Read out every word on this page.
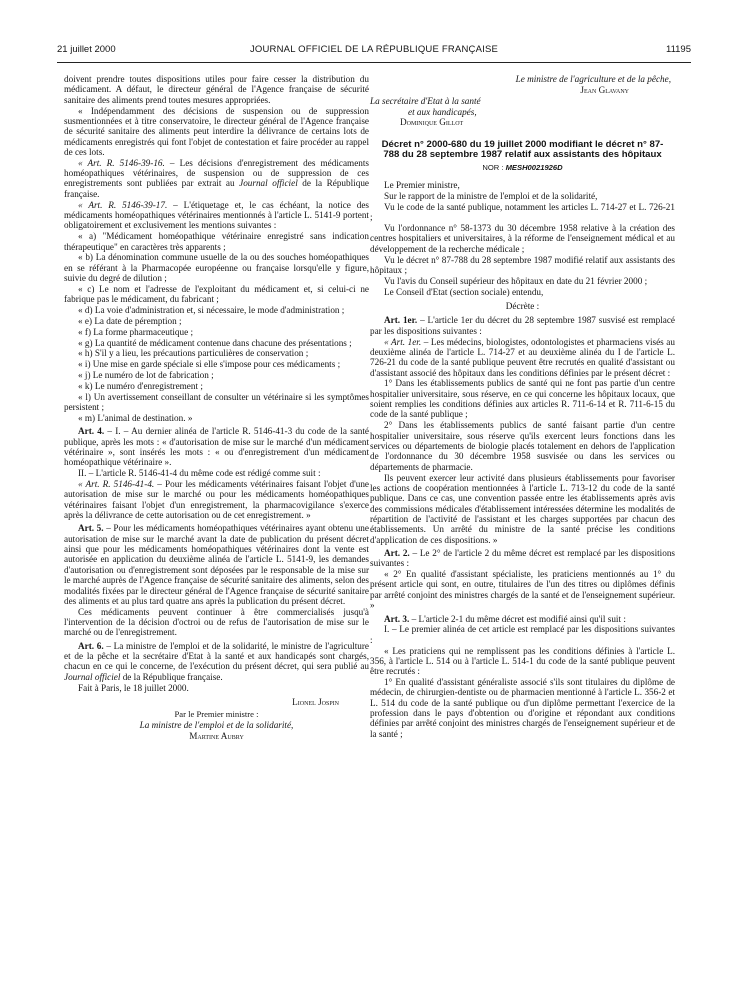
21 juillet 2000	JOURNAL OFFICIEL DE LA RÉPUBLIQUE FRANÇAISE	11195

doivent prendre toutes dispositions utiles pour faire cesser la distribution du médicament. A défaut, le directeur général de l'Agence française de sécurité sanitaire des aliments prend toutes mesures appropriées.

« Indépendamment des décisions de suspension ou de suppression susmentionnées et à titre conservatoire, le directeur général de l'Agence française de sécurité sanitaire des aliments peut interdire la délivrance de certains lots de médicaments enregistrés qui font l'objet de contestation et faire procéder au rappel de ces lots.

« Art. R. 5146-39-16. – Les décisions d'enregistrement des médicaments homéopathiques vétérinaires, de suspension ou de suppression de ces enregistrements sont publiées par extrait au Journal officiel de la République française.

« Art. R. 5146-39-17. – L'étiquetage et, le cas échéant, la notice des médicaments homéopathiques vétérinaires mentionnés à l'article L. 5141-9 portent obligatoirement et exclusivement les mentions suivantes :

« a) "Médicament homéopathique vétérinaire enregistré sans indication thérapeutique" en caractères très apparents ;

« b) La dénomination commune usuelle de la ou des souches homéopathiques en se référant à la Pharmacopée européenne ou française lorsqu'elle y figure, suivie du degré de dilution ;

« c) Le nom et l'adresse de l'exploitant du médicament et, si celui-ci ne fabrique pas le médicament, du fabricant ;

« d) La voie d'administration et, si nécessaire, le mode d'administration ;

« e) La date de péremption ;

« f) La forme pharmaceutique ;

« g) La quantité de médicament contenue dans chacune des présentations ;

« h) S'il y a lieu, les précautions particulières de conservation ;

« i) Une mise en garde spéciale si elle s'impose pour ces médicaments ;

« j) Le numéro de lot de fabrication ;

« k) Le numéro d'enregistrement ;

« l) Un avertissement conseillant de consulter un vétérinaire si les symptômes persistent ;

« m) L'animal de destination. »

Art. 4. – I. – Au dernier alinéa de l'article R. 5146-41-3 du code de la santé publique, après les mots : « d'autorisation de mise sur le marché d'un médicament vétérinaire », sont insérés les mots : « ou d'enregistrement d'un médicament homéopathique vétérinaire ».

II. – L'article R. 5146-41-4 du même code est rédigé comme suit :

« Art. R. 5146-41-4. – Pour les médicaments vétérinaires faisant l'objet d'une autorisation de mise sur le marché ou pour les médicaments homéopathiques vétérinaires faisant l'objet d'un enregistrement, la pharmacovigilance s'exerce après la délivrance de cette autorisation ou de cet enregistrement. »

Art. 5. – Pour les médicaments homéopathiques vétérinaires ayant obtenu une autorisation de mise sur le marché avant la date de publication du présent décret ainsi que pour les médicaments homéopathiques vétérinaires dont la vente est autorisée en application du deuxième alinéa de l'article L. 5141-9, les demandes d'autorisation ou d'enregistrement sont déposées par le responsable de la mise sur le marché auprès de l'Agence française de sécurité sanitaire des aliments, selon des modalités fixées par le directeur général de l'Agence française de sécurité sanitaire des aliments et au plus tard quatre ans après la publication du présent décret.

Ces médicaments peuvent continuer à être commercialisés jusqu'à l'intervention de la décision d'octroi ou de refus de l'autorisation de mise sur le marché ou de l'enregistrement.

Art. 6. – La ministre de l'emploi et de la solidarité, le ministre de l'agriculture et de la pêche et la secrétaire d'Etat à la santé et aux handicapés sont chargés, chacun en ce qui le concerne, de l'exécution du présent décret, qui sera publié au Journal officiel de la République française.

Fait à Paris, le 18 juillet 2000.

Lionel Jospin

Par le Premier ministre :

La ministre de l'emploi et de la solidarité,

Martine Aubry

Le ministre de l'agriculture et de la pêche,

Jean Glavany

La secrétaire d'Etat à la santé

et aux handicapés,

Dominique Gillot

Décret n° 2000-680 du 19 juillet 2000 modifiant le décret n° 87-788 du 28 septembre 1987 relatif aux assistants des hôpitaux
NOR : MESH0021926D

Le Premier ministre,

Sur le rapport de la ministre de l'emploi et de la solidarité,

Vu le code de la santé publique, notamment les articles L. 714-27 et L. 726-21 ;

Vu l'ordonnance n° 58-1373 du 30 décembre 1958 relative à la création des centres hospitaliers et universitaires, à la réforme de l'enseignement médical et au développement de la recherche médicale ;

Vu le décret n° 87-788 du 28 septembre 1987 modifié relatif aux assistants des hôpitaux ;

Vu l'avis du Conseil supérieur des hôpitaux en date du 21 février 2000 ;

Le Conseil d'Etat (section sociale) entendu,

Décrète :

Art. 1er. – L'article 1er du décret du 28 septembre 1987 susvisé est remplacé par les dispositions suivantes :

« Art. 1er. – Les médecins, biologistes, odontologistes et pharmaciens visés au deuxième alinéa de l'article L. 714-27 et au deuxième alinéa du I de l'article L. 726-21 du code de la santé publique peuvent être recrutés en qualité d'assistant ou d'assistant associé des hôpitaux dans les conditions définies par le présent décret :

1° Dans les établissements publics de santé qui ne font pas partie d'un centre hospitalier universitaire, sous réserve, en ce qui concerne les hôpitaux locaux, que soient remplies les conditions définies aux articles R. 711-6-14 et R. 711-6-15 du code de la santé publique ;

2° Dans les établissements publics de santé faisant partie d'un centre hospitalier universitaire, sous réserve qu'ils exercent leurs fonctions dans les services ou départements de biologie placés totalement en dehors de l'application de l'ordonnance du 30 décembre 1958 susvisée ou dans les services ou départements de pharmacie.

Ils peuvent exercer leur activité dans plusieurs établissements pour favoriser les actions de coopération mentionnées à l'article L. 713-12 du code de la santé publique. Dans ce cas, une convention passée entre les établissements après avis des commissions médicales d'établissement intéressées détermine les modalités de répartition de l'activité de l'assistant et les charges supportées par chacun des établissements. Un arrêté du ministre de la santé précise les conditions d'application de ces dispositions. »

Art. 2. – Le 2° de l'article 2 du même décret est remplacé par les dispositions suivantes :

« 2° En qualité d'assistant spécialiste, les praticiens mentionnés au 1° du présent article qui sont, en outre, titulaires de l'un des titres ou diplômes définis par arrêté conjoint des ministres chargés de la santé et de l'enseignement supérieur. »

Art. 3. – L'article 2-1 du même décret est modifié ainsi qu'il suit :

I. – Le premier alinéa de cet article est remplacé par les dispositions suivantes :

« Les praticiens qui ne remplissent pas les conditions définies à l'article L. 356, à l'article L. 514 ou à l'article L. 514-1 du code de la santé publique peuvent être recrutés :

1° En qualité d'assistant généraliste associé s'ils sont titulaires du diplôme de médecin, de chirurgien-dentiste ou de pharmacien mentionné à l'article L. 356-2 et L. 514 du code de la santé publique ou d'un diplôme permettant l'exercice de la profession dans le pays d'obtention ou d'origine et répondant aux conditions définies par arrêté conjoint des ministres chargés de l'enseignement supérieur et de la santé ;
